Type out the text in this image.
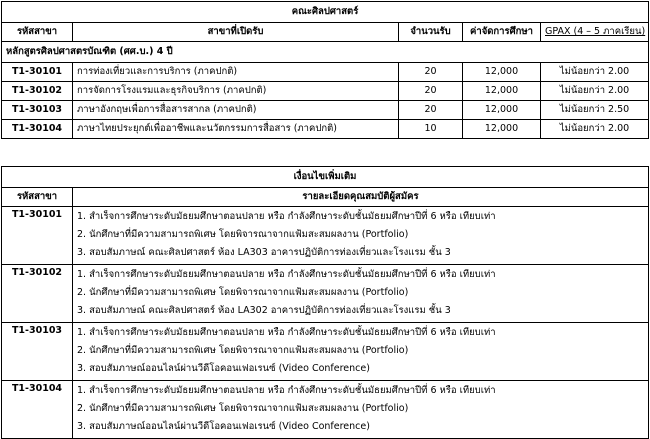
คณะศิลปศาสตร์				
รหัสสาขา	สาขาที่เปิดรับ	จำนวนรับ	ค่าจัดการศึกษา	GPAX (4 – 5 ภาคเรียน)
หลักสูตรศิลปศาสตรบัณฑิต (ศศ.บ.) 4 ปี				
T1-30101	การท่องเที่ยวและการบริการ (ภาคปกติ)	20	12,000	ไม่น้อยกว่า 2.00
T1-30102	การจัดการโรงแรมและธุรกิจบริการ (ภาคปกติ)	20	12,000	ไม่น้อยกว่า 2.00
T1-30103	ภาษาอังกฤษเพื่อการสื่อสารสากล (ภาคปกติ)	20	12,000	ไม่น้อยกว่า 2.50
T1-30104	ภาษาไทยประยุกต์เพื่ออาชีพและนวัตกรรมการสื่อสาร (ภาคปกติ)	10	12,000	ไม่น้อยกว่า 2.00
เงื่อนไขเพิ่มเติม	
รหัสสาขา	รายละเอียดคุณสมบัติผู้สมัคร
T1-30101	1. สำเร็จการศึกษาระดับมัธยมศึกษาตอนปลาย หรือ กำลังศึกษาระดับชั้นมัธยมศึกษาปีที่ 6 หรือ เทียบเท่า
2. นักศึกษาที่มีความสามารถพิเศษ โดยพิจารณาจากแฟ้มสะสมผลงาน (Portfolio)
3. สอบสัมภาษณ์ คณะศิลปศาสตร์ ห้อง LA303 อาคารปฏิบัติการท่องเที่ยวและโรงแรม ชั้น 3

T1-30102	1. สำเร็จการศึกษาระดับมัธยมศึกษาตอนปลาย หรือ กำลังศึกษาระดับชั้นมัธยมศึกษาปีที่ 6 หรือ เทียบเท่า
2. นักศึกษาที่มีความสามารถพิเศษ โดยพิจารณาจากแฟ้มสะสมผลงาน (Portfolio)
3. สอบสัมภาษณ์ คณะศิลปศาสตร์ ห้อง LA302 อาคารปฏิบัติการท่องเที่ยวและโรงแรม ชั้น 3

T1-30103	1. สำเร็จการศึกษาระดับมัธยมศึกษาตอนปลาย หรือ กำลังศึกษาระดับชั้นมัธยมศึกษาปีที่ 6 หรือ เทียบเท่า
2. นักศึกษาที่มีความสามารถพิเศษ โดยพิจารณาจากแฟ้มสะสมผลงาน (Portfolio)
3. สอบสัมภาษณ์ออนไลน์ผ่านวีดีโอคอนเฟอเรนซ์ (Video Conference)

T1-30104	1. สำเร็จการศึกษาระดับมัธยมศึกษาตอนปลาย หรือ กำลังศึกษาระดับชั้นมัธยมศึกษาปีที่ 6 หรือ เทียบเท่า
2. นักศึกษาที่มีความสามารถพิเศษ โดยพิจารณาจากแฟ้มสะสมผลงาน (Portfolio)
3. สอบสัมภาษณ์ออนไลน์ผ่านวีดีโอคอนเฟอเรนซ์ (Video Conference)
